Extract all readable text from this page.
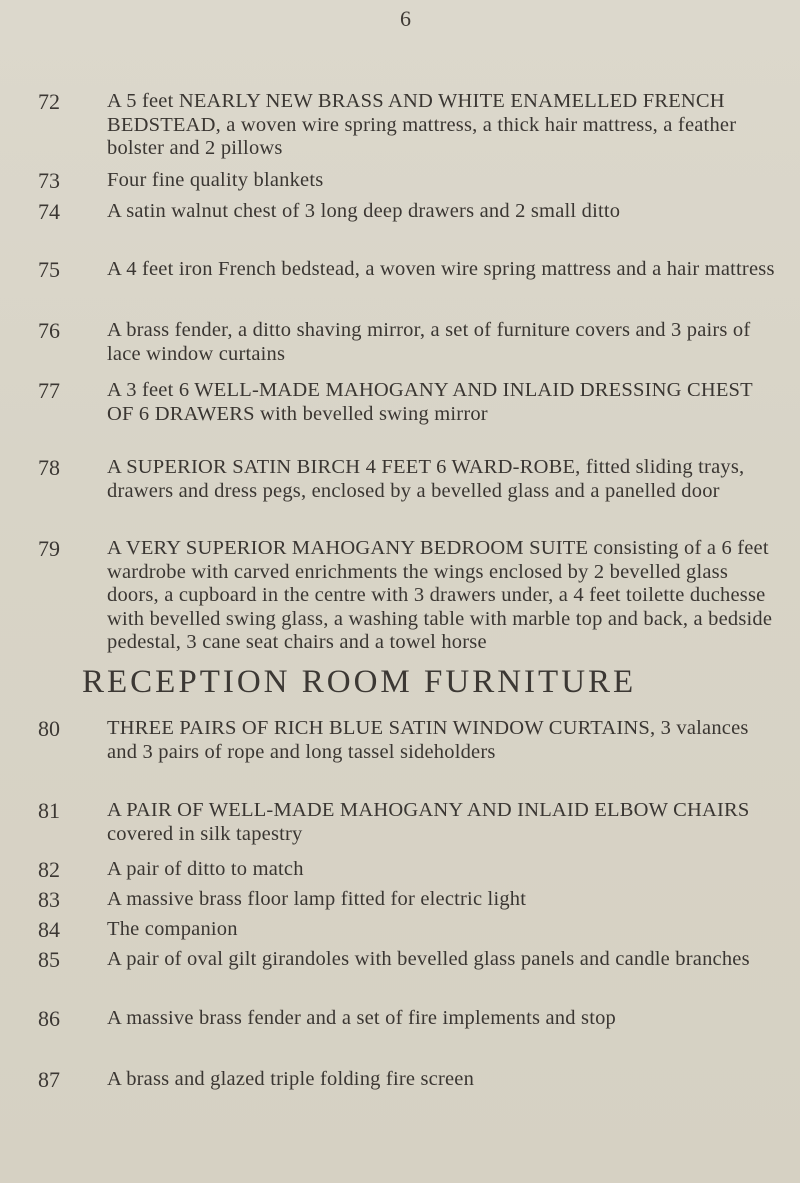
6
72	A 5 feet NEARLY NEW BRASS AND WHITE ENAMELLED FRENCH BEDSTEAD, a woven wire spring mattress, a thick hair mattress, a feather bolster and 2 pillows
73	Four fine quality blankets
74	A satin walnut chest of 3 long deep drawers and 2 small ditto
75	A 4 feet iron French bedstead, a woven wire spring mattress and a hair mattress
76	A brass fender, a ditto shaving mirror, a set of furniture covers and 3 pairs of lace window curtains
77	A 3 feet 6 WELL-MADE MAHOGANY AND INLAID DRESSING CHEST OF 6 DRAWERS with bevelled swing mirror
78	A SUPERIOR SATIN BIRCH 4 FEET 6 WARD-ROBE, fitted sliding trays, drawers and dress pegs, enclosed by a bevelled glass and a panelled door
79	A VERY SUPERIOR MAHOGANY BEDROOM SUITE consisting of a 6 feet wardrobe with carved enrichments the wings enclosed by 2 bevelled glass doors, a cupboard in the centre with 3 drawers under, a 4 feet toilette duchesse with bevelled swing glass, a washing table with marble top and back, a bedside pedestal, 3 cane seat chairs and a towel horse
RECEPTION ROOM FURNITURE
80	THREE PAIRS OF RICH BLUE SATIN WINDOW CURTAINS, 3 valances and 3 pairs of rope and long tassel sideholders
81	A PAIR OF WELL-MADE MAHOGANY AND INLAID ELBOW CHAIRS covered in silk tapestry
82	A pair of ditto to match
83	A massive brass floor lamp fitted for electric light
84	The companion
85	A pair of oval gilt girandoles with bevelled glass panels and candle branches
86	A massive brass fender and a set of fire implements and stop
87	A brass and glazed triple folding fire screen
